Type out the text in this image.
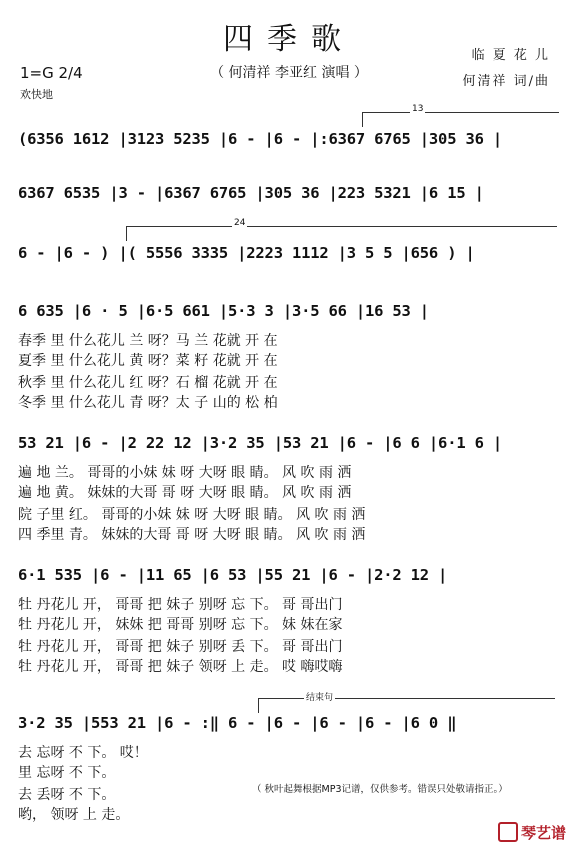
四季歌
（ 何清祥 李亚红 演唱 ）
1=G 2/4
欢快地
临 夏 花 儿
何清祥 词/曲
13
(6356 1612 |3123 5235 |6 - |6 - |:6367 6765 |305 36 |
6367 6535 |3 - |6367 6765 |305 36 |223 5321 |6 15 |
24
6 - |6 - ) |( 5556 3335 |2223 1112 |3 5 5 |656 ) |
6 635 |6 · 5 |6·5 661 |5·3 3 |3·5 66 |16 53 |
春季 里 什么花儿 兰 呀？马 兰 花就 开 在
夏季 里 什么花儿 黄 呀？菜 籽 花就 开 在
秋季 里 什么花儿 红 呀？石 榴 花就 开 在
冬季 里 什么花儿 青 呀？太 子 山的 松 柏
53 21 |6 - |2 22 12 |3·2 35 |53 21 |6 - |6 6 |6·1 6 |
遍 地 兰。 哥哥的小妹 妹 呀 大呀 眼 睛。 风 吹 雨 洒
遍 地 黄。 妹妹的大哥 哥 呀 大呀 眼 睛。 风 吹 雨 洒
院 子里 红。 哥哥的小妹 妹 呀 大呀 眼 睛。 风 吹 雨 洒
四 季里 青。 妹妹的大哥 哥 呀 大呀 眼 睛。 风 吹 雨 洒
6·1 535 |6 - |11 65 |6 53 |55 21 |6 - |2·2 12 |
牡 丹花儿 开， 哥哥 把 妹子 别呀 忘 下。 哥 哥出门
牡 丹花儿 开， 妹妹 把 哥哥 别呀 忘 下。 妹 妹在家
牡 丹花儿 开， 哥哥 把 妹子 别呀 丢 下。 哥 哥出门
牡 丹花儿 开， 哥哥 把 妹子 领呀 上 走。 哎 嗨哎嗨
结束句
3·2 35 |553 21 |6 - :‖ 6 - |6 - |6 - |6 - |6 0 ‖
去 忘呀 不 下。 哎！
里 忘呀 不 下。
去 丢呀 不 下。
哟， 领呀 上 走。
（ 秋叶起舞根据MP3记谱，仅供参考。错误只处敬请指正。）
琴艺谱
